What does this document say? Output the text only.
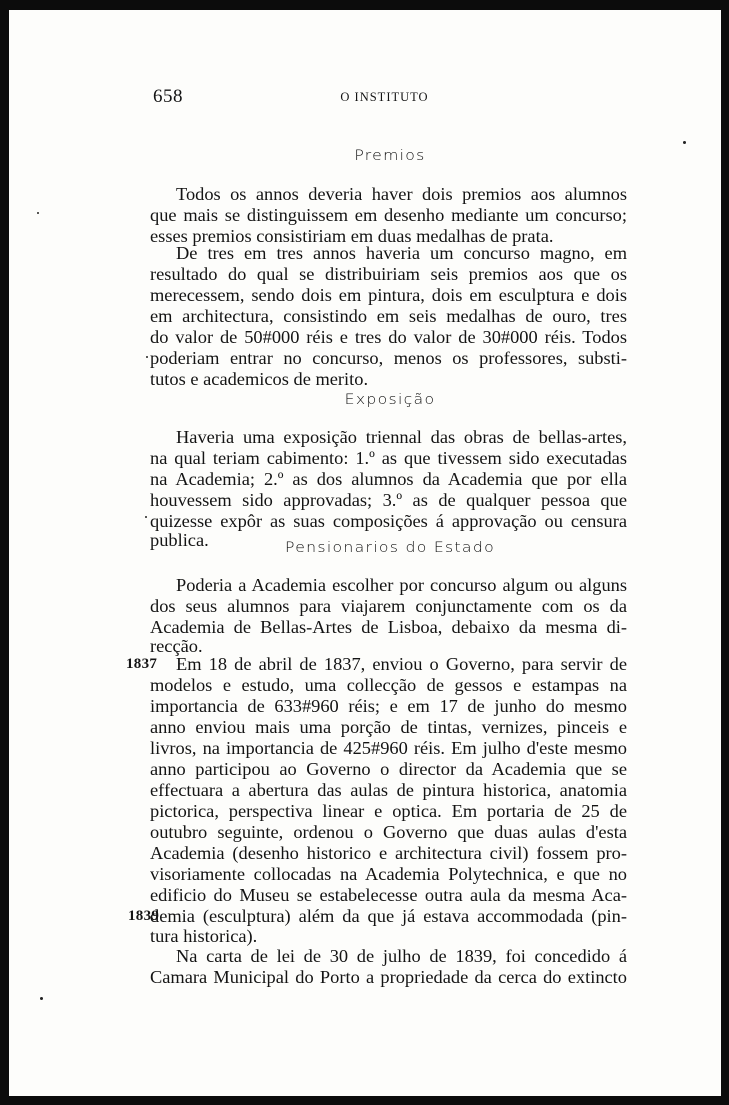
658	O INSTITUTO
Premios
Todos os annos deveria haver dois premios aos alumnos
que mais se distinguissem em desenho mediante um concurso;
esses premios consistiriam em duas medalhas de prata.
De tres em tres annos haveria um concurso magno, em
resultado do qual se distribuiriam seis premios aos que os
merecessem, sendo dois em pintura, dois em esculptura e dois
em architectura, consistindo em seis medalhas de ouro, tres
do valor de 50#000 réis e tres do valor de 30#000 réis. Todos
poderiam entrar no concurso, menos os professores, substi-
tutos e academicos de merito.
Exposição
Haveria uma exposição triennal das obras de bellas-artes,
na qual teriam cabimento: 1.º as que tivessem sido executadas
na Academia; 2.º as dos alumnos da Academia que por ella
houvessem sido approvadas; 3.º as de qualquer pessoa que
quizesse expôr as suas composições á approvação ou censura
publica.	Pensionarios do Estado
Poderia a Academia escolher por concurso algum ou alguns
dos seus alumnos para viajarem conjunctamente com os da
Academia de Bellas-Artes de Lisboa, debaixo da mesma di-
recção.
1837	Em 18 de abril de 1837, enviou o Governo, para servir de
modelos e estudo, uma collecção de gessos e estampas na
importancia de 633#960 réis; e em 17 de junho do mesmo
anno enviou mais uma porção de tintas, vernizes, pinceis e
livros, na importancia de 425#960 réis. Em julho d'este mesmo
anno participou ao Governo o director da Academia que se
effectuara a abertura das aulas de pintura historica, anatomia
pictorica, perspectiva linear e optica. Em portaria de 25 de
outubro seguinte, ordenou o Governo que duas aulas d'esta
Academia (desenho historico e architectura civil) fossem pro-
visoriamente collocadas na Academia Polytechnica, e que no
edificio do Museu se estabelecesse outra aula da mesma Aca-
demia (esculptura) além da que já estava accommodada (pin-
tura historica).
1839
Na carta de lei de 30 de julho de 1839, foi concedido á
Camara Municipal do Porto a propriedade da cerca do extincto
